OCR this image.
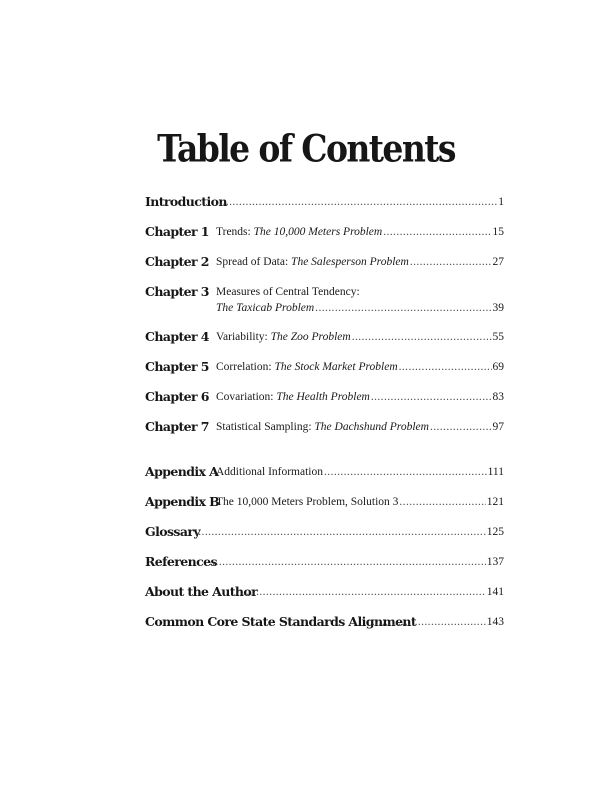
Table of Contents
Introduction .....	1
Chapter 1 Trends: The 10,000 Meters Problem .....	15
Chapter 2 Spread of Data: The Salesperson Problem .....	27
Chapter 3 Measures of Central Tendency:
The Taxicab Problem .....	39
Chapter 4 Variability: The Zoo Problem .....	55
Chapter 5 Correlation: The Stock Market Problem .....	69
Chapter 6 Covariation: The Health Problem .....	83
Chapter 7 Statistical Sampling: The Dachshund Problem .....	97
Appendix A
Additional Information .....	111
Appendix B
The 10,000 Meters Problem, Solution 3 .....	121
Glossary .....	125
References .....	137
About the Author .....	141
Common Core State Standards Alignment .....	143
